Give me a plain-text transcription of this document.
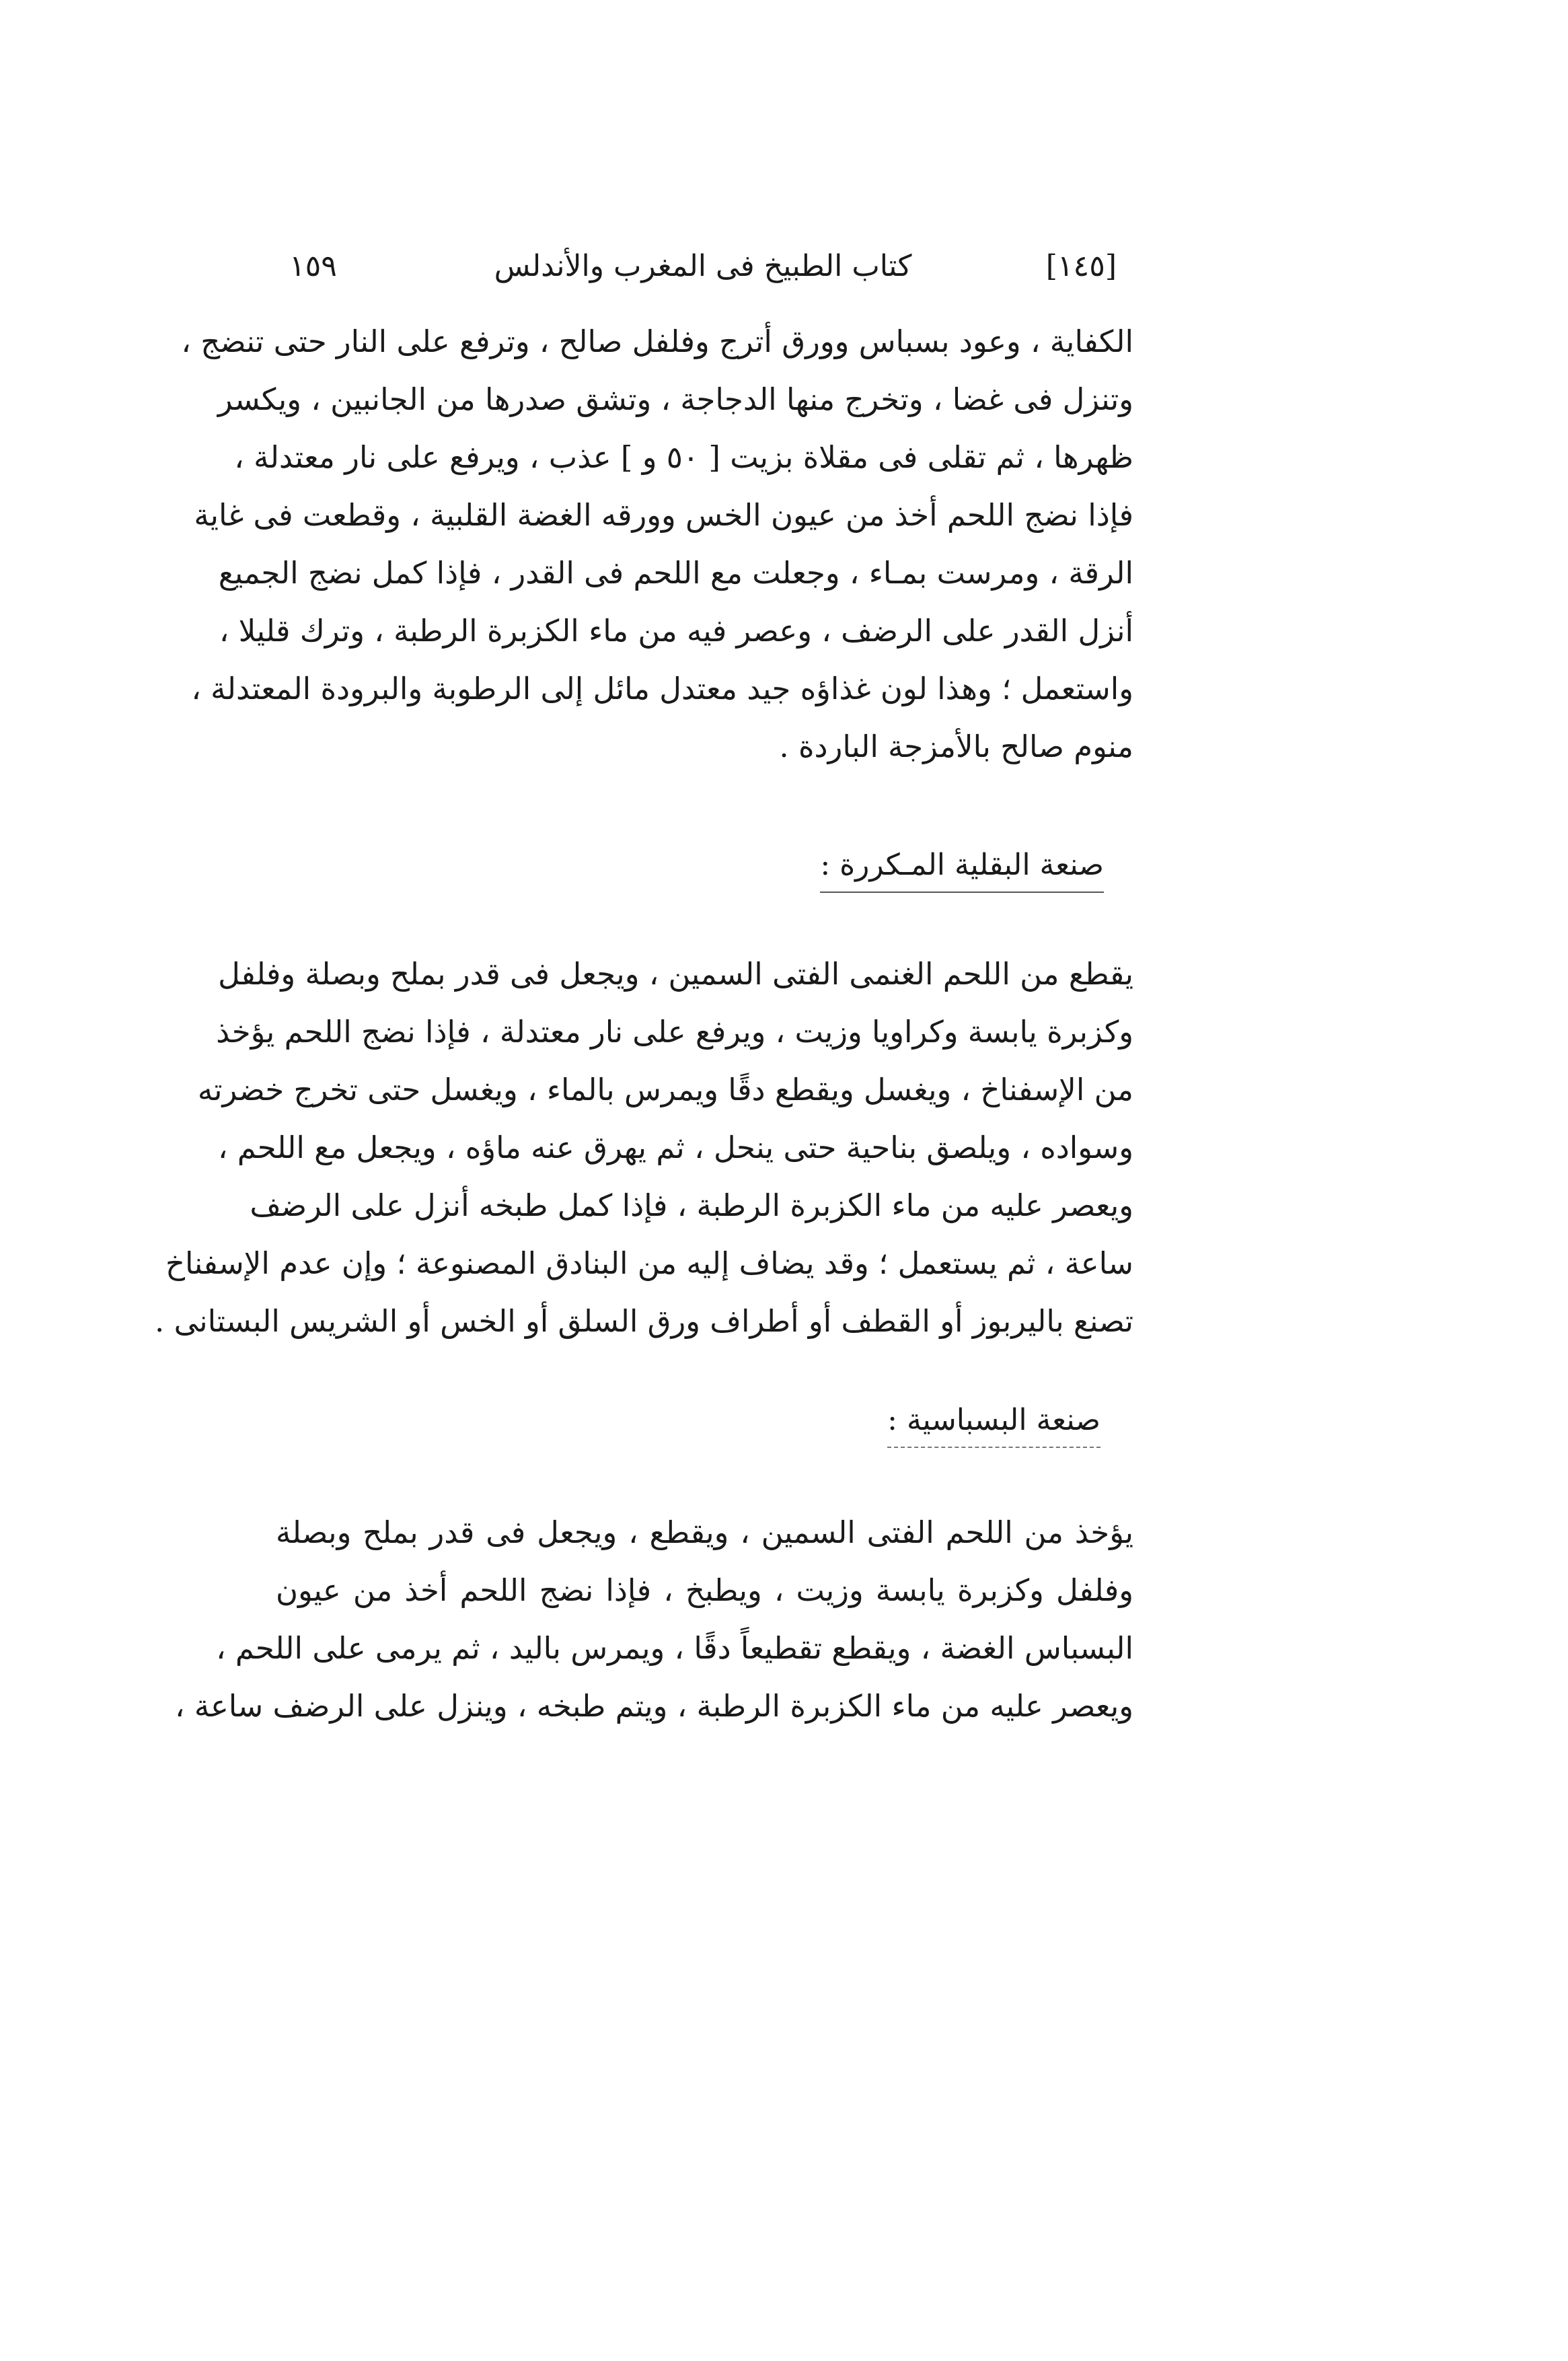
١٥٩	كتاب الطبيخ فى المغرب والأندلس	[١٤٥]
الكفاية ، وعود بسباس وورق أترج وفلفل صالح ، وترفع على النار حتى تنضج ،
وتنزل فى غضا ، وتخرج منها الدجاجة ، وتشق صدرها من الجانبين ، ويكسر
ظهرها ، ثم تقلى فى مقلاة بزيت [ ٥٠ و ] عذب ، ويرفع على نار معتدلة ،
فإذا نضج اللحم أخذ من عيون الخس وورقه الغضة القلبية ، وقطعت فى غاية
الرقة ، ومرست بمـاء ، وجعلت مع اللحم فى القدر ، فإذا كمل نضج الجميع
أنزل القدر على الرضف ، وعصر فيه من ماء الكزبرة الرطبة ، وترك قليلا ،
واستعمل ؛ وهذا لون غذاؤه جيد معتدل مائل إلى الرطوبة والبرودة المعتدلة ،
منوم صالح بالأمزجة الباردة .
صنعة البقلية المـكررة :
يقطع من اللحم الغنمى الفتى السمين ، ويجعل فى قدر بملح وبصلة وفلفل
وكزبرة يابسة وكراويا وزيت ، ويرفع على نار معتدلة ، فإذا نضج اللحم يؤخذ
من الإسفناخ ، ويغسل ويقطع دقًا ويمرس بالماء ، ويغسل حتى تخرج خضرته
وسواده ، ويلصق بناحية حتى ينحل ، ثم يهرق عنه ماؤه ، ويجعل مع اللحم ،
ويعصر عليه من ماء الكزبرة الرطبة ، فإذا كمل طبخه أنزل على الرضف
ساعة ، ثم يستعمل ؛ وقد يضاف إليه من البنادق المصنوعة ؛ وإن عدم الإسفناخ
تصنع باليربوز أو القطف أو أطراف ورق السلق أو الخس أو الشريس البستانى .
صنعة البسباسية :
يؤخذ من اللحم الفتى السمين ، ويقطع ، ويجعل فى قدر بملح وبصلة
وفلفل وكزبرة يابسة وزيت ، ويطبخ ، فإذا نضج اللحم أخذ من عيون
البسباس الغضة ، ويقطع تقطيعاً دقًا ، ويمرس باليد ، ثم يرمى على اللحم ،
ويعصر عليه من ماء الكزبرة الرطبة ، ويتم طبخه ، وينزل على الرضف ساعة ،
